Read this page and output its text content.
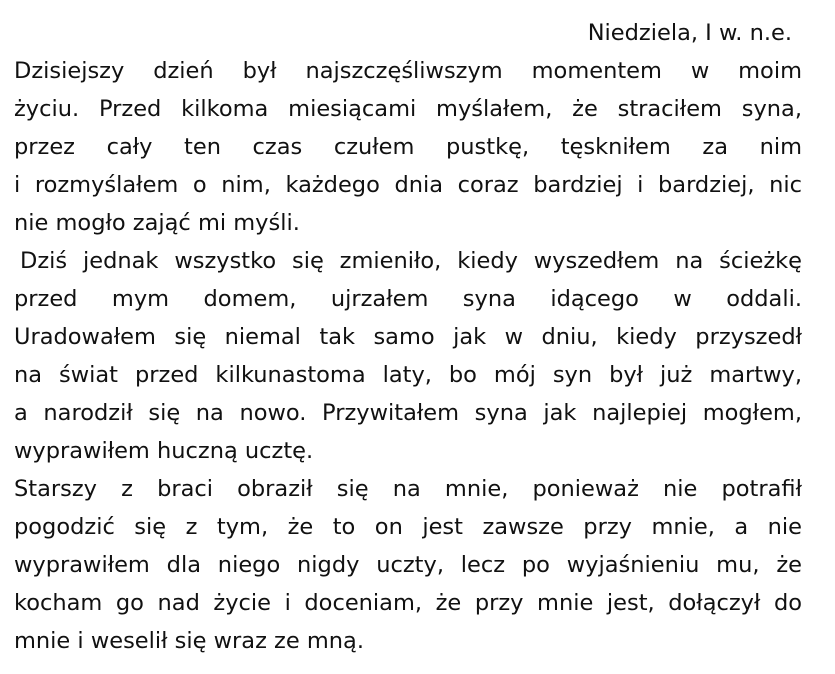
Niedziela, I w. n.e.
Dzisiejszy dzień był najszczęśliwszym momentem w moim
życiu. Przed kilkoma miesiącami myślałem, że straciłem syna,
przez cały ten czas czułem pustkę, tęskniłem za nim
i rozmyślałem o nim, każdego dnia coraz bardziej i bardziej, nic
nie mogło zająć mi myśli.
Dziś jednak wszystko się zmieniło, kiedy wyszedłem na ścieżkę
przed mym domem, ujrzałem syna idącego w oddali.
Uradowałem się niemal tak samo jak w dniu, kiedy przyszedł
na świat przed kilkunastoma laty, bo mój syn był już martwy,
a narodził się na nowo. Przywitałem syna jak najlepiej mogłem,
wyprawiłem huczną ucztę.
Starszy z braci obraził się na mnie, ponieważ nie potrafił
pogodzić się z tym, że to on jest zawsze przy mnie, a nie
wyprawiłem dla niego nigdy uczty, lecz po wyjaśnieniu mu, że
kocham go nad życie i doceniam, że przy mnie jest, dołączył do
mnie i weselił się wraz ze mną.
